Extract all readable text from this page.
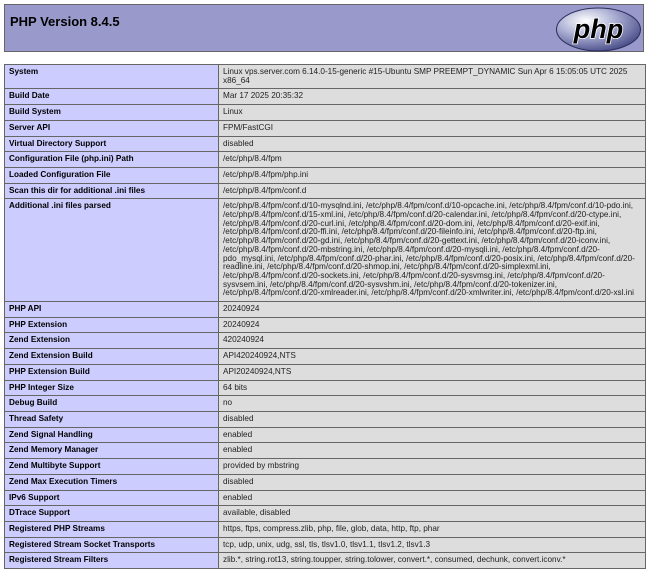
PHP Version 8.4.5	php
System	Linux vps.server.com 6.14.0-15-generic #15-Ubuntu SMP PREEMPT_DYNAMIC Sun Apr 6 15:05:05 UTC 2025 x86_64
Build Date	Mar 17 2025 20:35:32
Build System	Linux
Server API	FPM/FastCGI
Virtual Directory Support	disabled
Configuration File (php.ini) Path	/etc/php/8.4/fpm
Loaded Configuration File	/etc/php/8.4/fpm/php.ini
Scan this dir for additional .ini files	/etc/php/8.4/fpm/conf.d
Additional .ini files parsed	/etc/php/8.4/fpm/conf.d/10-mysqlnd.ini, /etc/php/8.4/fpm/conf.d/10-opcache.ini, /etc/php/8.4/fpm/conf.d/10-pdo.ini, /etc/php/8.4/fpm/conf.d/15-xml.ini, /etc/php/8.4/fpm/conf.d/20-calendar.ini, /etc/php/8.4/fpm/conf.d/20-ctype.ini, /etc/php/8.4/fpm/conf.d/20-curl.ini, /etc/php/8.4/fpm/conf.d/20-dom.ini, /etc/php/8.4/fpm/conf.d/20-exif.ini, /etc/php/8.4/fpm/conf.d/20-ffi.ini, /etc/php/8.4/fpm/conf.d/20-fileinfo.ini, /etc/php/8.4/fpm/conf.d/20-ftp.ini, /etc/php/8.4/fpm/conf.d/20-gd.ini, /etc/php/8.4/fpm/conf.d/20-gettext.ini, /etc/php/8.4/fpm/conf.d/20-iconv.ini, /etc/php/8.4/fpm/conf.d/20-mbstring.ini, /etc/php/8.4/fpm/conf.d/20-mysqli.ini, /etc/php/8.4/fpm/conf.d/20-pdo_mysql.ini, /etc/php/8.4/fpm/conf.d/20-phar.ini, /etc/php/8.4/fpm/conf.d/20-posix.ini, /etc/php/8.4/fpm/conf.d/20-readline.ini, /etc/php/8.4/fpm/conf.d/20-shmop.ini, /etc/php/8.4/fpm/conf.d/20-simplexml.ini, /etc/php/8.4/fpm/conf.d/20-sockets.ini, /etc/php/8.4/fpm/conf.d/20-sysvmsg.ini, /etc/php/8.4/fpm/conf.d/20-sysvsem.ini, /etc/php/8.4/fpm/conf.d/20-sysvshm.ini, /etc/php/8.4/fpm/conf.d/20-tokenizer.ini, /etc/php/8.4/fpm/conf.d/20-xmlreader.ini, /etc/php/8.4/fpm/conf.d/20-xmlwriter.ini, /etc/php/8.4/fpm/conf.d/20-xsl.ini
PHP API	20240924
PHP Extension	20240924
Zend Extension	420240924
Zend Extension Build	API420240924,NTS
PHP Extension Build	API20240924,NTS
PHP Integer Size	64 bits
Debug Build	no
Thread Safety	disabled
Zend Signal Handling	enabled
Zend Memory Manager	enabled
Zend Multibyte Support	provided by mbstring
Zend Max Execution Timers	disabled
IPv6 Support	enabled
DTrace Support	available, disabled
Registered PHP Streams	https, ftps, compress.zlib, php, file, glob, data, http, ftp, phar
Registered Stream Socket Transports	tcp, udp, unix, udg, ssl, tls, tlsv1.0, tlsv1.1, tlsv1.2, tlsv1.3
Registered Stream Filters	zlib.*, string.rot13, string.toupper, string.tolower, convert.*, consumed, dechunk, convert.iconv.*
